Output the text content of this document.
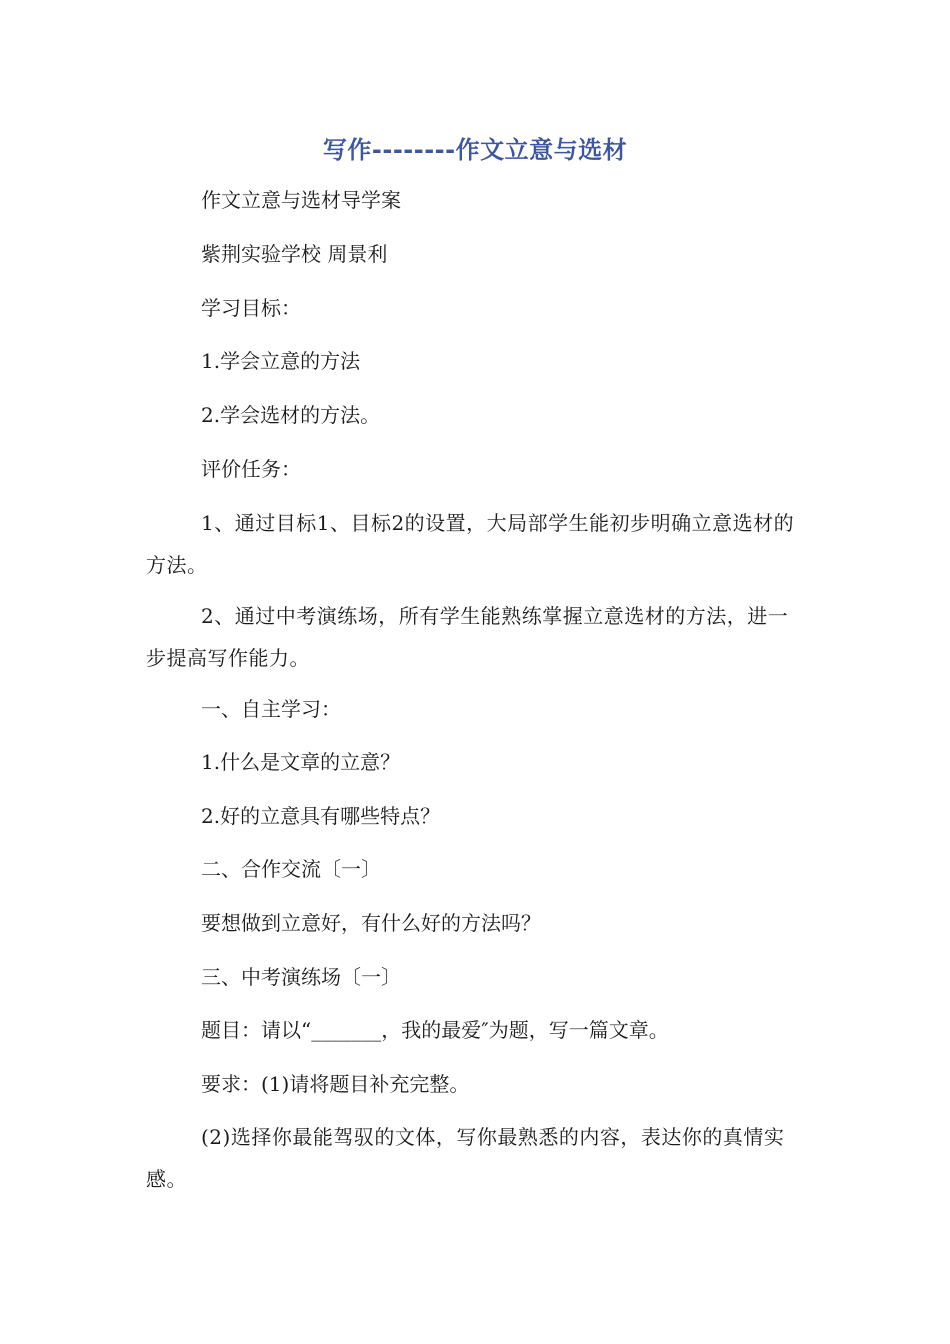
写作--------作文立意与选材
作文立意与选材导学案
紫荆实验学校 周景利
学习目标：
1.学会立意的方法
2.学会选材的方法。
评价任务：
1、通过目标1、目标2的设置，大局部学生能初步明确立意选材的方法。
2、通过中考演练场，所有学生能熟练掌握立意选材的方法，进一步提高写作能力。
一、自主学习：
1.什么是文章的立意？
2.好的立意具有哪些特点？
二、合作交流〔一〕
要想做到立意好，有什么好的方法吗？
三、中考演练场〔一〕
题目：请以“_______，我的最爱″为题，写一篇文章。
要求：(1)请将题目补充完整。
(2)选择你最能驾驭的文体，写你最熟悉的内容，表达你的真情实感。
